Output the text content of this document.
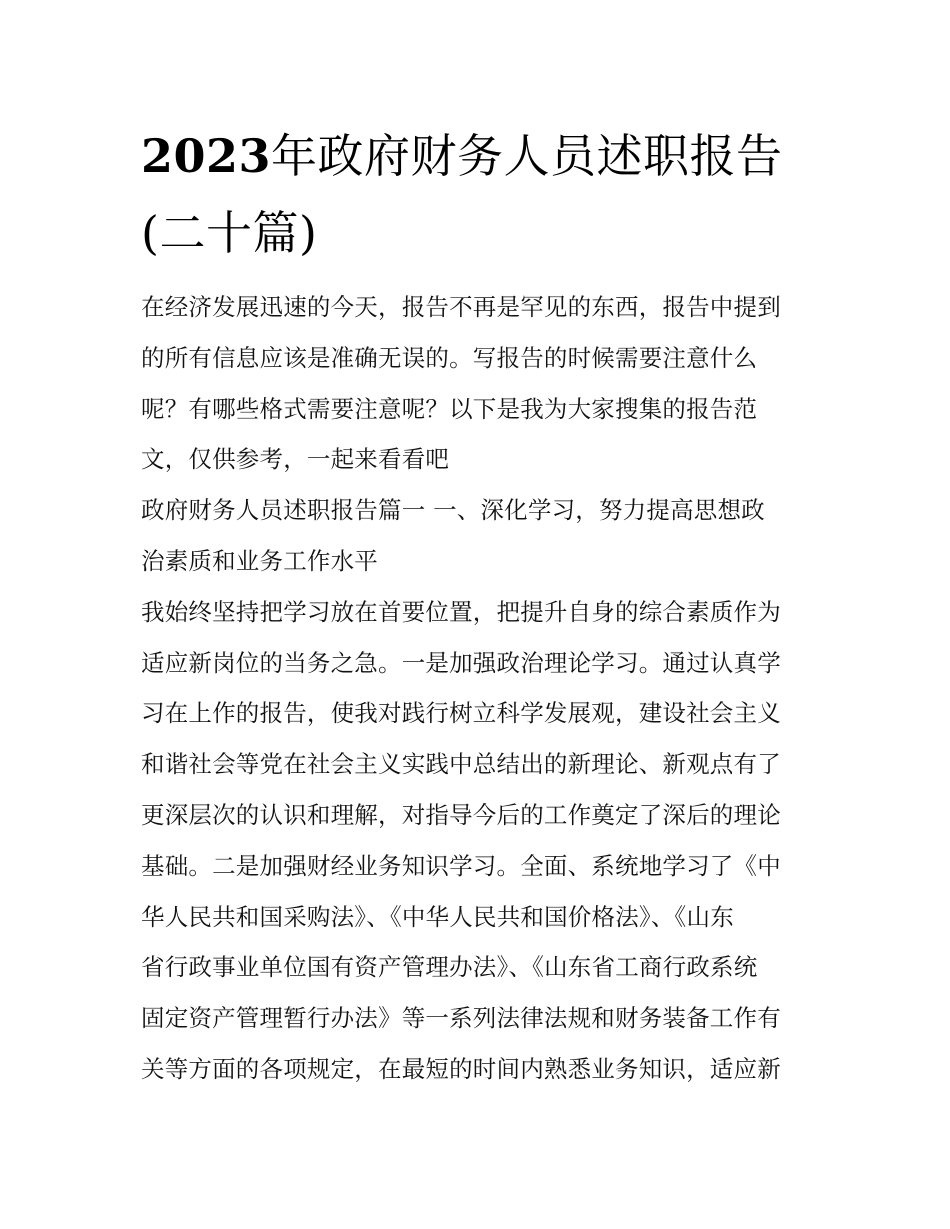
2023年政府财务人员述职报告
(二十篇)
在经济发展迅速的今天，报告不再是罕见的东西，报告中提到
的所有信息应该是准确无误的。写报告的时候需要注意什么
呢？有哪些格式需要注意呢？以下是我为大家搜集的报告范
文，仅供参考，一起来看看吧
政府财务人员述职报告篇一 一、深化学习，努力提高思想政
治素质和业务工作水平
我始终坚持把学习放在首要位置，把提升自身的综合素质作为
适应新岗位的当务之急。一是加强政治理论学习。通过认真学
习在上作的报告，使我对践行树立科学发展观，建设社会主义
和谐社会等党在社会主义实践中总结出的新理论、新观点有了
更深层次的认识和理解，对指导今后的工作奠定了深后的理论
基础。二是加强财经业务知识学习。全面、系统地学习了《中
华人民共和国采购法》、《中华人民共和国价格法》、《山东
省行政事业单位国有资产管理办法》、《山东省工商行政系统
固定资产管理暂行办法》等一系列法律法规和财务装备工作有
关等方面的各项规定，在最短的时间内熟悉业务知识，适应新
